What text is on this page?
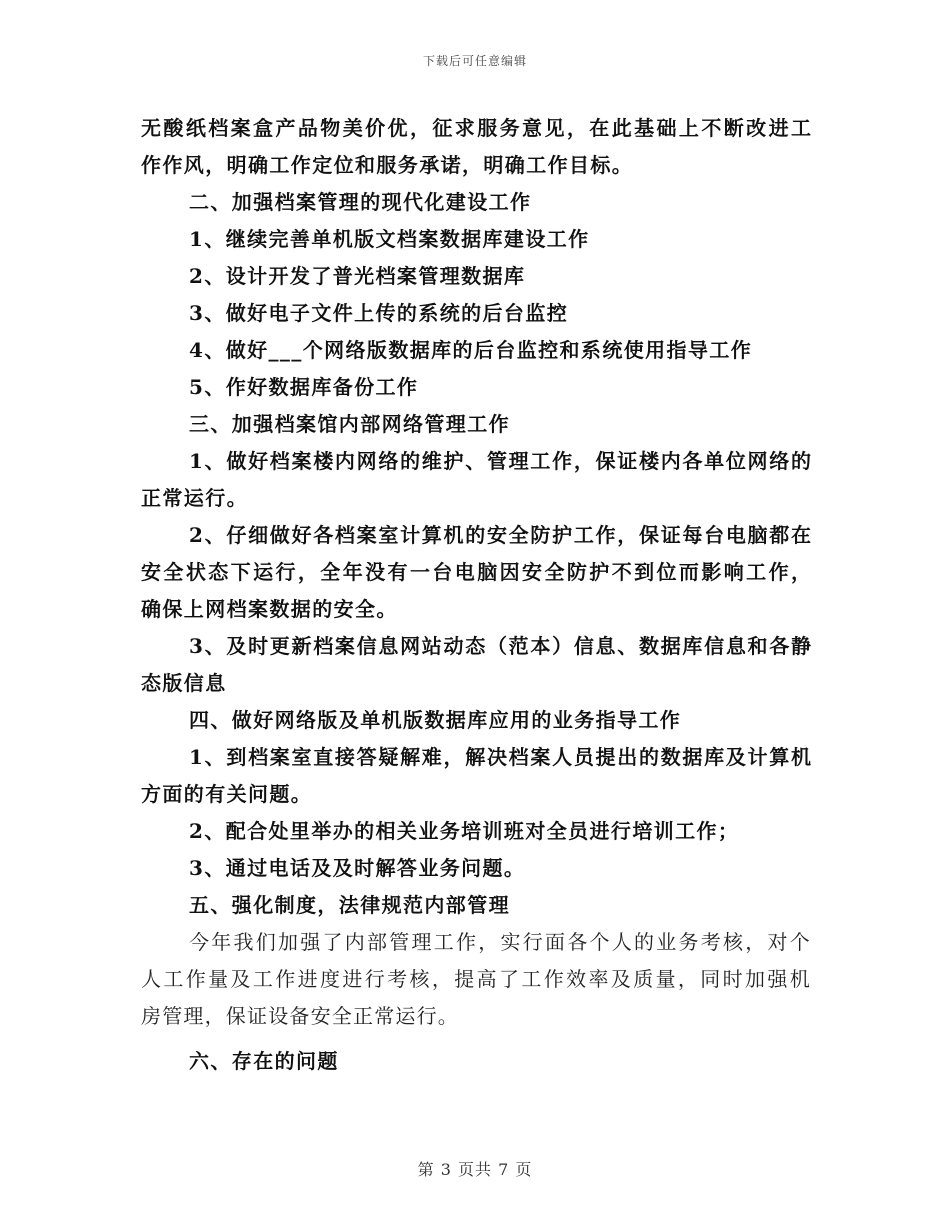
下载后可任意编辑
无酸纸档案盒产品物美价优，征求服务意见，在此基础上不断改进工
作作风，明确工作定位和服务承诺，明确工作目标。
二、加强档案管理的现代化建设工作
1、继续完善单机版文档案数据库建设工作
2、设计开发了普光档案管理数据库
3、做好电子文件上传的系统的后台监控
4、做好___个网络版数据库的后台监控和系统使用指导工作
5、作好数据库备份工作
三、加强档案馆内部网络管理工作
1、做好档案楼内网络的维护、管理工作，保证楼内各单位网络的
正常运行。
2、仔细做好各档案室计算机的安全防护工作，保证每台电脑都在
安全状态下运行，全年没有一台电脑因安全防护不到位而影响工作，
确保上网档案数据的安全。
3、及时更新档案信息网站动态（范本）信息、数据库信息和各静
态版信息
四、做好网络版及单机版数据库应用的业务指导工作
1、到档案室直接答疑解难，解决档案人员提出的数据库及计算机
方面的有关问题。
2、配合处里举办的相关业务培训班对全员进行培训工作；
3、通过电话及及时解答业务问题。
五、强化制度，法律规范内部管理
今年我们加强了内部管理工作，实行面各个人的业务考核，对个
人工作量及工作进度进行考核，提高了工作效率及质量，同时加强机
房管理，保证设备安全正常运行。
六、存在的问题
第 3 页共 7 页
